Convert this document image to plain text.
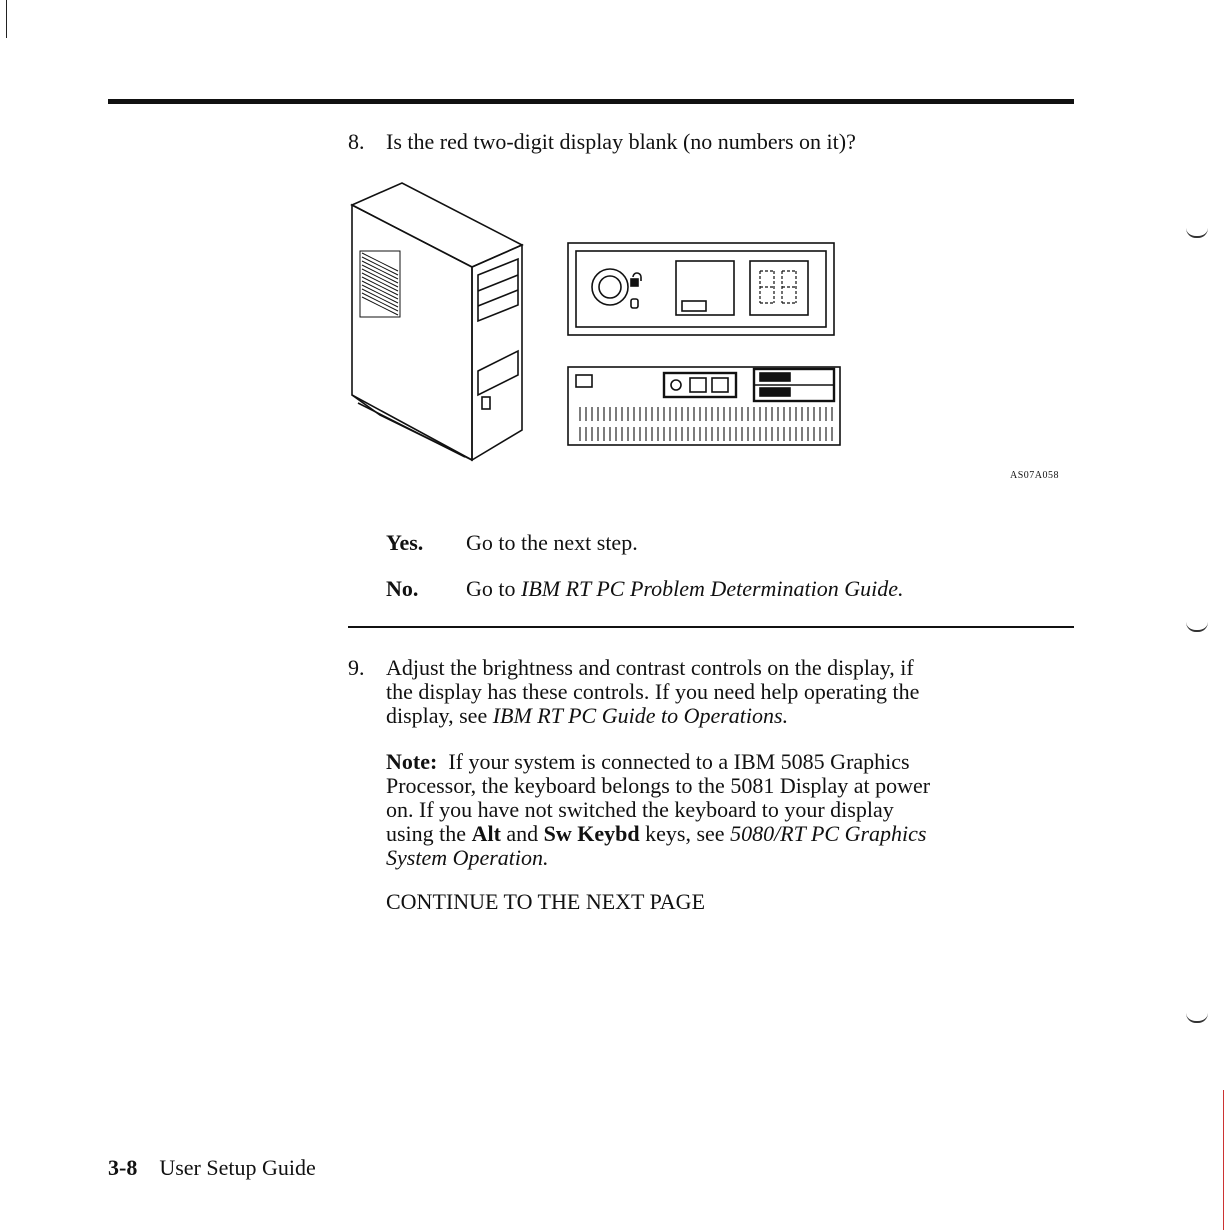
8. Is the red two-digit display blank (no numbers on it)?
AS07A058
Yes. Go to the next step.
No. Go to IBM RT PC Problem Determination Guide.
9. Adjust the brightness and contrast controls on the display, if
the display has these controls. If you need help operating the
display, see IBM RT PC Guide to Operations.
Note:  If your system is connected to a IBM 5085 Graphics
Processor, the keyboard belongs to the 5081 Display at power
on. If you have not switched the keyboard to your display
using the Alt and Sw Keybd keys, see 5080/RT PC Graphics
System Operation.
CONTINUE TO THE NEXT PAGE
3-8 User Setup Guide
